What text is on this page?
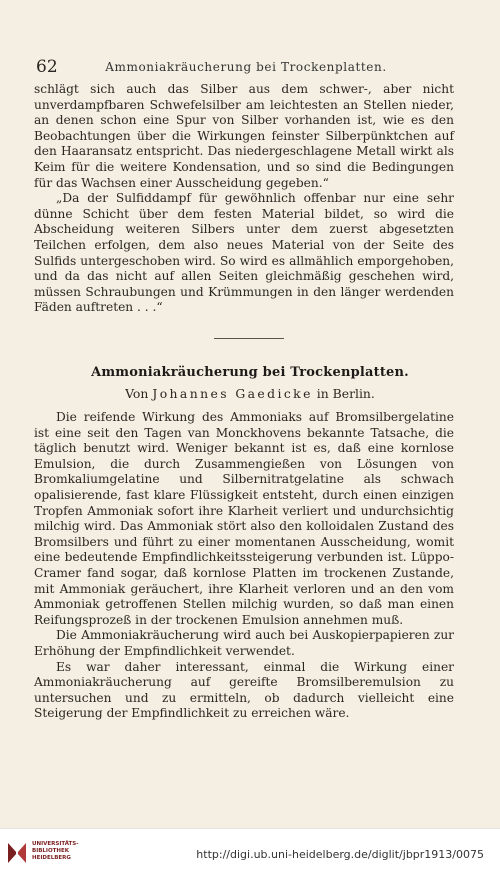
62	Ammoniakräucherung bei Trockenplatten.

schlägt sich auch das Silber aus dem schwer-, aber nicht unverdampfbaren Schwefelsilber am leichtesten an Stellen nieder, an denen schon eine Spur von Silber vorhanden ist, wie es den Beobachtungen über die Wirkungen feinster Silberpünktchen auf den Haaransatz entspricht. Das niedergeschlagene Metall wirkt als Keim für die weitere Kondensation, und so sind die Bedingungen für das Wachsen einer Ausscheidung gegeben.“

„Da der Sulfiddampf für gewöhnlich offenbar nur eine sehr dünne Schicht über dem festen Material bildet, so wird die Abscheidung weiteren Silbers unter dem zuerst abgesetzten Teilchen erfolgen, dem also neues Material von der Seite des Sulfids untergeschoben wird. So wird es allmählich emporgehoben, und da das nicht auf allen Seiten gleichmäßig geschehen wird, müssen Schraubungen und Krümmungen in den länger werdenden Fäden auftreten . . .“

Ammoniakräucherung bei Trockenplatten.
Von Johannes Gaedicke in Berlin.

Die reifende Wirkung des Ammoniaks auf Bromsilbergelatine ist eine seit den Tagen van Monckhovens bekannte Tatsache, die täglich benutzt wird. Weniger bekannt ist es, daß eine kornlose Emulsion, die durch Zusammengießen von Lösungen von Bromkaliumgelatine und Silbernitratgelatine als schwach opalisierende, fast klare Flüssigkeit entsteht, durch einen einzigen Tropfen Ammoniak sofort ihre Klarheit verliert und undurchsichtig milchig wird. Das Ammoniak stört also den kolloidalen Zustand des Bromsilbers und führt zu einer momentanen Ausscheidung, womit eine bedeutende Empfindlichkeitssteigerung verbunden ist. Lüppo-Cramer fand sogar, daß kornlose Platten im trockenen Zustande, mit Ammoniak geräuchert, ihre Klarheit verloren und an den vom Ammoniak getroffenen Stellen milchig wurden, so daß man einen Reifungsprozeß in der trockenen Emulsion annehmen muß.

Die Ammoniakräucherung wird auch bei Auskopierpapieren zur Erhöhung der Empfindlichkeit verwendet.

Es war daher interessant, einmal die Wirkung einer Ammoniakräucherung auf gereifte Bromsilberemulsion zu untersuchen und zu ermitteln, ob dadurch vielleicht eine Steigerung der Empfindlichkeit zu erreichen wäre.

UNIVERSITÄTS-
BIBLIOTHEK
HEIDELBERG	http://digi.ub.uni-heidelberg.de/diglit/jbpr1913/0075
